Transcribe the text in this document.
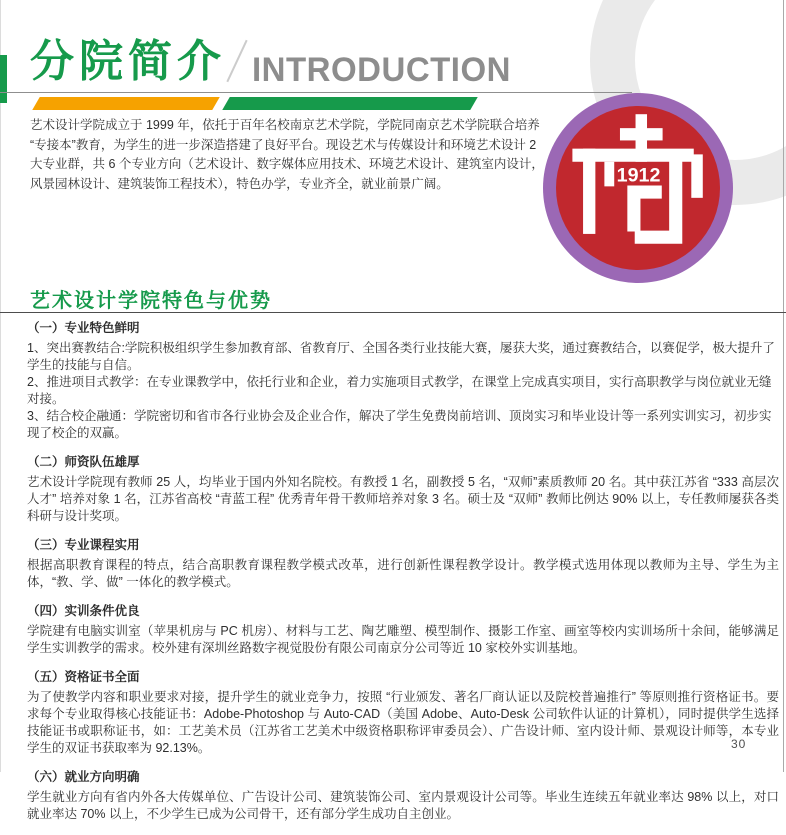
分院简介 INTRODUCTION
艺术设计学院成立于 1999 年，依托于百年名校南京艺术学院，学院同南京艺术学院联合培养
“专接本”教育，为学生的进一步深造搭建了良好平台。现设艺术与传媒设计和环境艺术设计 2
大专业群，共 6 个专业方向（艺术设计、数字媒体应用技术、环境艺术设计、建筑室内设计，
风景园林设计、建筑装饰工程技术），特色办学，专业齐全，就业前景广阔。	1912
艺术设计学院特色与优势
（一）专业特色鲜明
1、突出赛教结合:学院积极组织学生参加教育部、省教育厅、全国各类行业技能大赛，屡获大奖，通过赛教结合，以赛促学，极大提升了学生的技能与自信。
2、推进项目式教学：在专业课教学中，依托行业和企业，着力实施项目式教学，在课堂上完成真实项目，实行高职教学与岗位就业无缝对接。
3、结合校企融通：学院密切和省市各行业协会及企业合作，解决了学生免费岗前培训、顶岗实习和毕业设计等一系列实训实习，初步实现了校企的双赢。
（二）师资队伍雄厚
艺术设计学院现有教师 25 人，均毕业于国内外知名院校。有教授 1 名，副教授 5 名，“双师”素质教师 20 名。其中获江苏省 “333 高层次人才” 培养对象 1 名，江苏省高校 “青蓝工程” 优秀青年骨干教师培养对象 3 名。硕士及 “双师” 教师比例达 90% 以上，专任教师屡获各类科研与设计奖项。
（三）专业课程实用
根据高职教育课程的特点，结合高职教育课程教学模式改革，进行创新性课程教学设计。教学模式选用体现以教师为主导、学生为主体，“教、学、做” 一体化的教学模式。
（四）实训条件优良
学院建有电脑实训室（苹果机房与 PC 机房）、材料与工艺、陶艺雕塑、模型制作、摄影工作室、画室等校内实训场所十余间，能够满足学生实训教学的需求。校外建有深圳丝路数字视觉股份有限公司南京分公司等近 10 家校外实训基地。
（五）资格证书全面
为了使教学内容和职业要求对接，提升学生的就业竞争力，按照 “行业颁发、著名厂商认证以及院校普遍推行” 等原则推行资格证书。要求每个专业取得核心技能证书：Adobe-Photoshop 与 Auto-CAD（美国 Adobe、Auto-Desk 公司软件认证的计算机），同时提供学生选择技能证书或职称证书，如：工艺美术员（江苏省工艺美术中级资格职称评审委员会）、广告设计师、室内设计师、景观设计师等，本专业学生的双证书获取率为 92.13%。
（六）就业方向明确
学生就业方向有省内外各大传媒单位、广告设计公司、建筑装饰公司、室内景观设计公司等。毕业生连续五年就业率达 98% 以上，对口就业率达 70% 以上，不少学生已成为公司骨干，还有部分学生成功自主创业。
30
